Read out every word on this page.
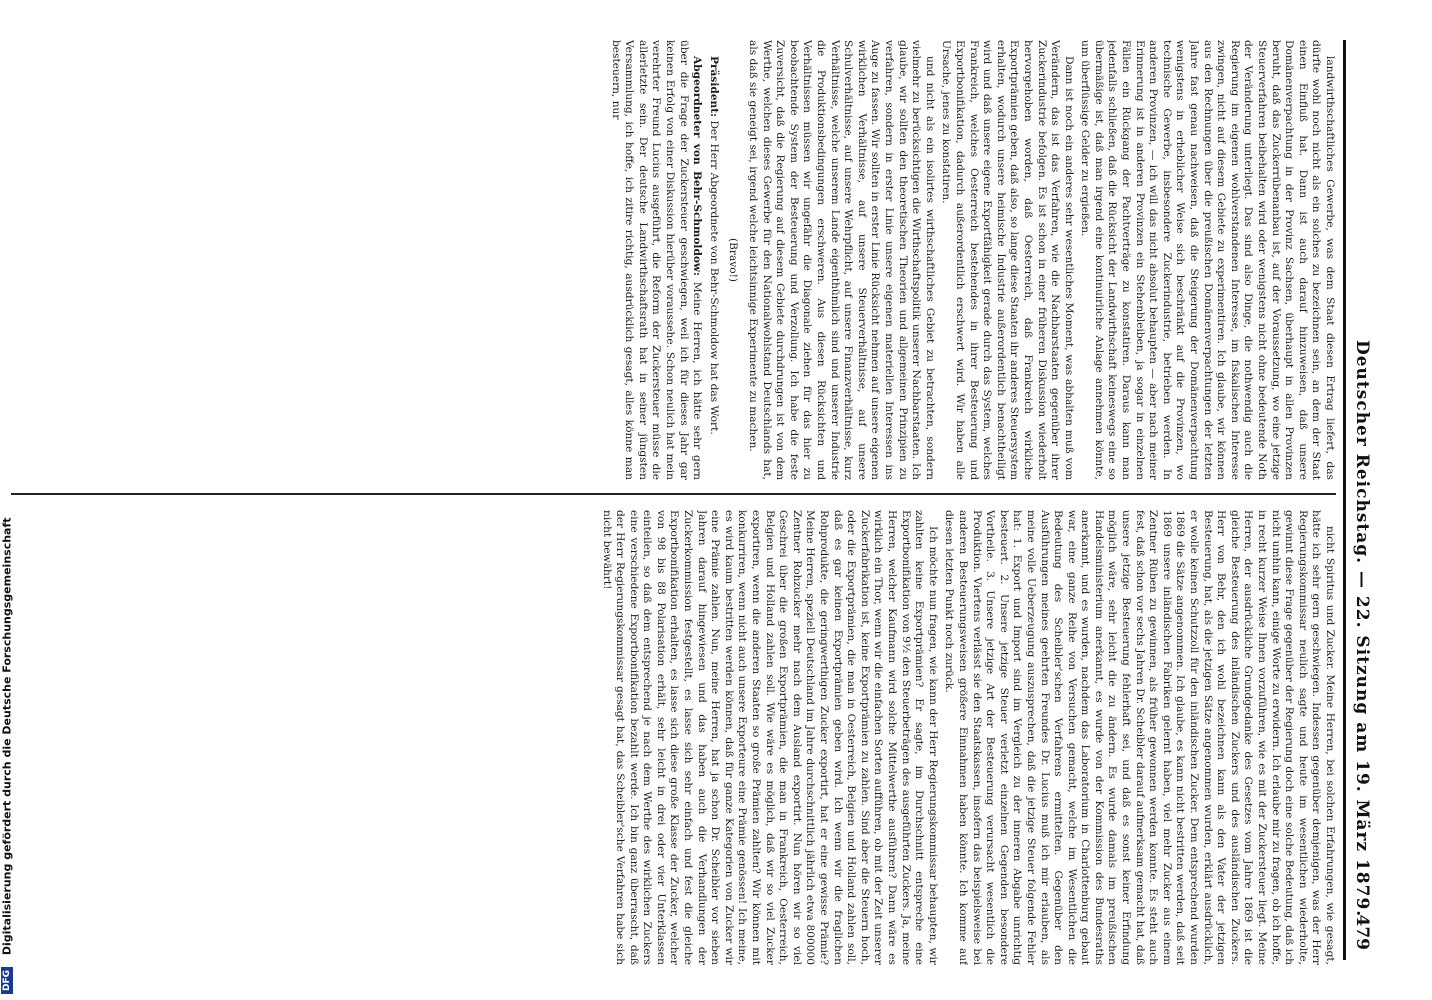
Deutscher Reichstag. — 22. Sitzung am 19. März 1879.
479

landwirthschaftliches Gewerbe, was dem Staat diesen Ertrag liefert, das dürfte wohl noch nicht als ein solches zu bezeichnen sein, an dem der Staat einen Einfluß hat. Dann ist auch darauf hinzuweisen, daß unsere Domänenverpachtung in der Provinz Sachsen, überhaupt in allen Provinzen beruht, daß das Zuckerrübenanbau ist, auf der Voraussetzung, wo eine jetzige Steuerverfahren beibehalten wird oder wenigstens nicht ohne bedeutende Noth der Veränderung unterliegt. Das sind also Dinge, die nothwendig auch die Regierung im eigenen wohlverstandenen Interesse, im fiskalischen Interesse zwingen, nicht auf diesem Gebiete zu experimentiren. Ich glaube, wir können aus den Rechnungen über die preußischen Domänenverpachtungen der letzten Jahre fast genau nachweisen, daß die Steigerung der Domänenverpachtung wenigstens in erheblicher Weise sich beschränkt auf die Provinzen, wo technische Gewerbe, insbesondere Zuckerindustrie, betrieben werden. In anderen Provinzen, — ich will das nicht absolut behaupten — aber nach meiner Erinnerung ist in anderen Provinzen ein Stehenbleiben, ja sogar in einzelnen Fällen ein Rückgang der Pachtverträge zu konstatiren. Daraus kann man jedenfalls schließen, daß die Rücksicht der Landwirthschaft keineswegs eine so übermäßige ist, daß man irgend eine kontinuirliche Anlage annehmen könnte, um überflüssige Gelder zu ergießen.

Dann ist noch ein anderes sehr wesentliches Moment, was abhalten muß vom Verändern, das ist das Verfahren, wie die Nachbarstaaten gegenüber ihrer Zuckerindustrie befolgen. Es ist schon in einer früheren Diskussion wiederholt hervorgehoben worden, daß Oesterreich, daß Frankreich wirkliche Exportprämien geben, daß also, so lange diese Staaten ihr anderes Steuersystem erhalten, wodurch unsere heimische Industrie außerordentlich benachtheiligt wird und daß unsere eigene Exportfähigkeit gerade durch das System, welches Frankreich, welches Oesterreich bestehendes in ihrer Besteuerung und Exportbonifikation, dadurch außerordentlich erschwert wird. Wir haben alle Ursache, jenes zu konstatiren.

und nicht als ein isolirtes wirthschaftliches Gebiet zu betrachten, sondern vielmehr zu berücksichtigen die Wirthschaftspolitik unserer Nachbarstaaten. Ich glaube, wir sollten den theoretischen Theorien und allgemeinen Prinzipien zu verfahren, sondern in erster Linie unsere eigenen materiellen Interessen ins Auge zu fassen. Wir sollten in erster Linie Rücksicht nehmen auf unsere eigenen wirklichen Verhältnisse, auf unsere Steuerverhältnisse, auf unsere Schulverhältnisse, auf unsere Wehrpflicht, auf unsere Finanzverhältnisse, kurz Verhältnisse, welche unserem Lande eigenthümlich sind und unserer Industrie die Produktionsbedingungen erschweren. Aus diesen Rücksichten und Verhältnissen müssen wir ungefähr die Diagonale ziehen für das hier zu beobachtende System der Besteuerung und Verzollung. Ich habe die feste Zuversicht, daß die Regierung auf diesem Gebiete durchdrungen ist von dem Werthe, welchen dieses Gewerbe für den Nationalwohlstand Deutschlands hat, als daß sie geneigt sei, irgend welche leichtsinnige Experimente zu machen.

(Bravo!)

Präsident: Der Herr Abgeordnete von Behr-Schmoldow hat das Wort.

Abgeordneter von Behr-Schmoldow: Meine Herren, ich hätte sehr gern über die Frage der Zuckersteuer geschwiegen, weil ich für dieses Jahr gar keinen Erfolg von einer Diskussion hierüber voraussehe. Schon neulich hat mein verehrter Freund Lucius ausgeführt, die Reform der Zuckersteuer müsse die allerletzte sein. Der deutsche Landwirthschaftsrath hat in seiner jüngsten Versammlung, ich hoffe, ich zitire richtig, ausdrücklich gesagt, alles könne man besteuern, nur

nicht Spiritus und Zucker. Meine Herren, bei solchen Erfahrungen, wie gesagt, hätte ich sehr gern geschwiegen. Indessen gegenüber demjenigen, was der Herr Regierungskommissar neulich sagte und heute im wesentlichen wiederholte, gewinnt diese Frage gegenüber der Regierung doch eine solche Bedeutung, daß ich nicht umhin kann, einige Worte zu erwidern. Ich erlaube mir zu fragen, ob ich hoffe, in recht kurzer Weise Ihnen vorzuführen, wie es mit der Zuckersteuer liegt. Meine Herren, der ausdrückliche Grundgedanke des Gesetzes vom Jahre 1869 ist die gleiche Besteuerung des inländischen Zuckers und des ausländischen Zuckers. Herr von Behr, den ich wohl bezeichnen kann als den Vater der jetzigen Besteuerung, hat, als die jetzigen Sätze angenommen wurden, erklärt ausdrücklich, er wolle keinen Schutzzoll für den inländischen Zucker. Dem entsprechend wurden 1869 die Sätze angenommen. Ich glaube, es kann nicht bestritten werden, daß seit 1869 unsere inländischen Fabriken gelernt haben, viel mehr Zucker aus einem Zentner Rüben zu gewinnen, als früher gewonnen werden konnte. Es steht auch fest, daß schon vor sechs Jahren Dr. Scheibler darauf aufmerksam gemacht hat, daß unsere jetzige Besteuerung fehlerhaft sei, und daß es sonst keiner Erfindung möglich wäre, sehr leicht die zu ändern. Es wurde damals im preußischen Handelsministerium anerkannt, es wurde von der Kommission des Bundesraths anerkannt, und es wurden, nachdem das Laboratorium in Charlottenburg gebaut war, eine ganze Reihe von Versuchen gemacht, welche im Wesentlichen die Bedeutung des Scheibler'schen Verfahrens ermittelten. Gegenüber den Ausführungen meines geehrten Freundes Dr. Lucius muß ich mir erlauben, als meine volle Ueberzeugung auszusprechen, daß die jetzige Steuer folgende Fehler hat: 1. Export und Import sind im Vergleich zu der inneren Abgabe unrichtig besteuert. 2. Unsere jetzige Steuer verletzt einzelnen Gegenden besondere Vortheile. 3. Unsere jetzige Art der Besteuerung verursacht wesentlich die Produktion. Viertens verlässt sie den Staatskassen, insofern das beispielsweise bei anderen Besteuerungsweisen größere Einnahmen haben könnte. Ich komme auf diesen letzten Punkt noch zurück.

Ich möchte nun fragen, wie kann der Herr Regierungskommissar behaupten, wir zahlten keine Exportprämien? Er sagte, im Durchschnitt entspreche eine Exportbonifikation von 9½ den Steuerbeträgen des ausgeführten Zuckers. Ja, meine Herren, welcher Kaufmann wird solche Mittelwerthe ausführen? Dann wäre es wirklich ein Thor, wenn wir die einfachen Sorten aufführen, ob mit der Zeit unserer Zuckerfabrikation ist, keine Exportprämien zu zahlen. Sind aber die Steuern hoch, oder die Exportprämien, die man in Oesterreich, Belgien und Holland zahlen soll, daß es gar keinen Exportprämien geben wird. Ich wenn wir die fraglichen Rohprodukte, die geringwerthigen Zucker exportirt, hat er eine gewisse Prämie? Meine Herren, speziell Deutschland im Jahre durchschnittlich jährlich etwa 800000 Zentner Rohzucker mehr nach dem Ausland exportirt. Nun hören wir so viel Geschrei über die großen Exportprämien, die man in Frankreich, Oesterreich, Belgien und Holland zahlen soll. Wie wäre es möglich, daß wir so viel Zucker exportiren, wenn die anderen Staaten so große Prämien zahlten? Wir können mit konkurriren, wenn nicht auch unsere Exporteure eine Prämie genössen! Ich meine, es wird kaum bestritten werden können, daß für ganze Kategorien von Zucker wir eine Prämie zahlen. Nun, meine Herren, hat ja schon Dr. Scheibler vor sieben Jahren darauf hingewiesen und das haben auch die Verhandlungen der Zuckerkommission festgestellt, es lasse sich sehr einfach und fest die gleiche Exportbonifikation erhalten, es lasse sich diese große Klasse der Zucker, welcher von 98 bis 88 Polarisation erhält, sehr leicht in drei oder vier Unterklassen einteilen, so daß dem entsprechend je nach dem Werthe des wirklichen Zuckers eine verschiedene Exportbonifikation bezahlt werde. Ich bin ganz überrascht, daß der Herr Regierungskommissar gesagt hat, das Scheibler'sche Verfahren habe sich nicht bewährt!

DFG Digitalisierung gefördert durch die Deutsche Forschungsgemeinschaft
